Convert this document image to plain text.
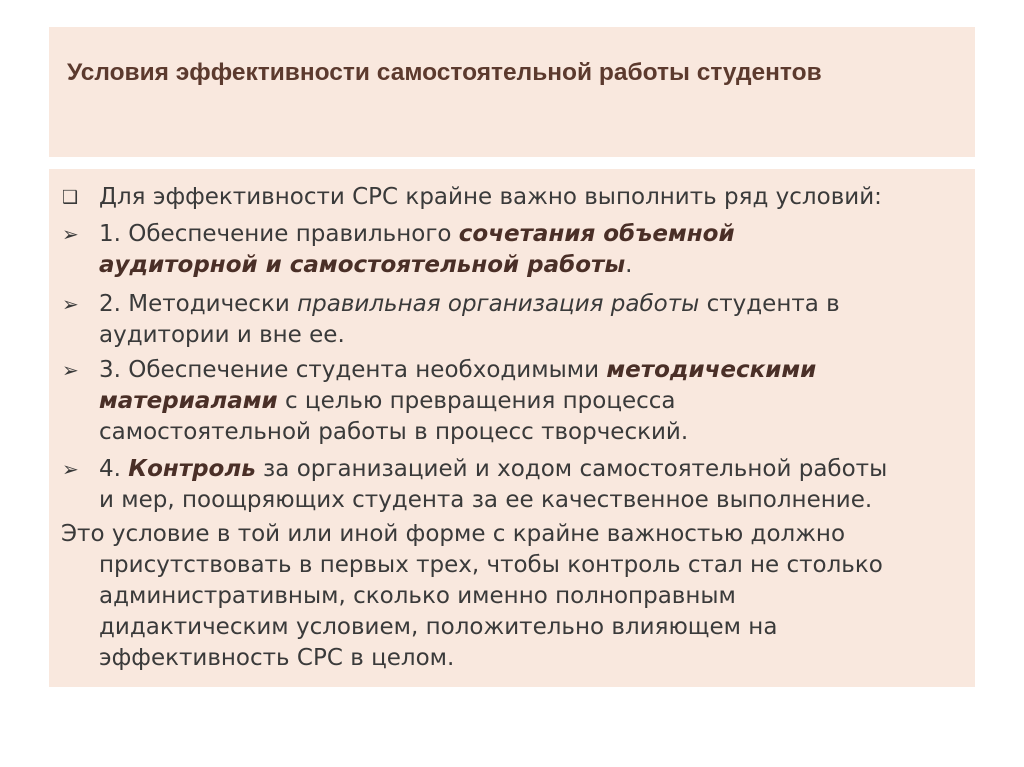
Условия эффективности самостоятельной работы студентов
❑ Для эффективности СРС крайне важно выполнить ряд условий:
➢ 1. Обеспечение правильного сочетания объемной
аудиторной и самостоятельной работы.
➢ 2. Методически правильная организация работы студента в
аудитории и вне ее.
➢ 3. Обеспечение студента необходимыми методическими
материалами с целью превращения процесса
самостоятельной работы в процесс творческий.
➢ 4. Контроль за организацией и ходом самостоятельной работы
и мер, поощряющих студента за ее качественное выполнение.
Это условие в той или иной форме с крайне важностью должно
присутствовать в первых трех, чтобы контроль стал не столько
административным, сколько именно полноправным
дидактическим условием, положительно влияющем на
эффективность СРС в целом.
